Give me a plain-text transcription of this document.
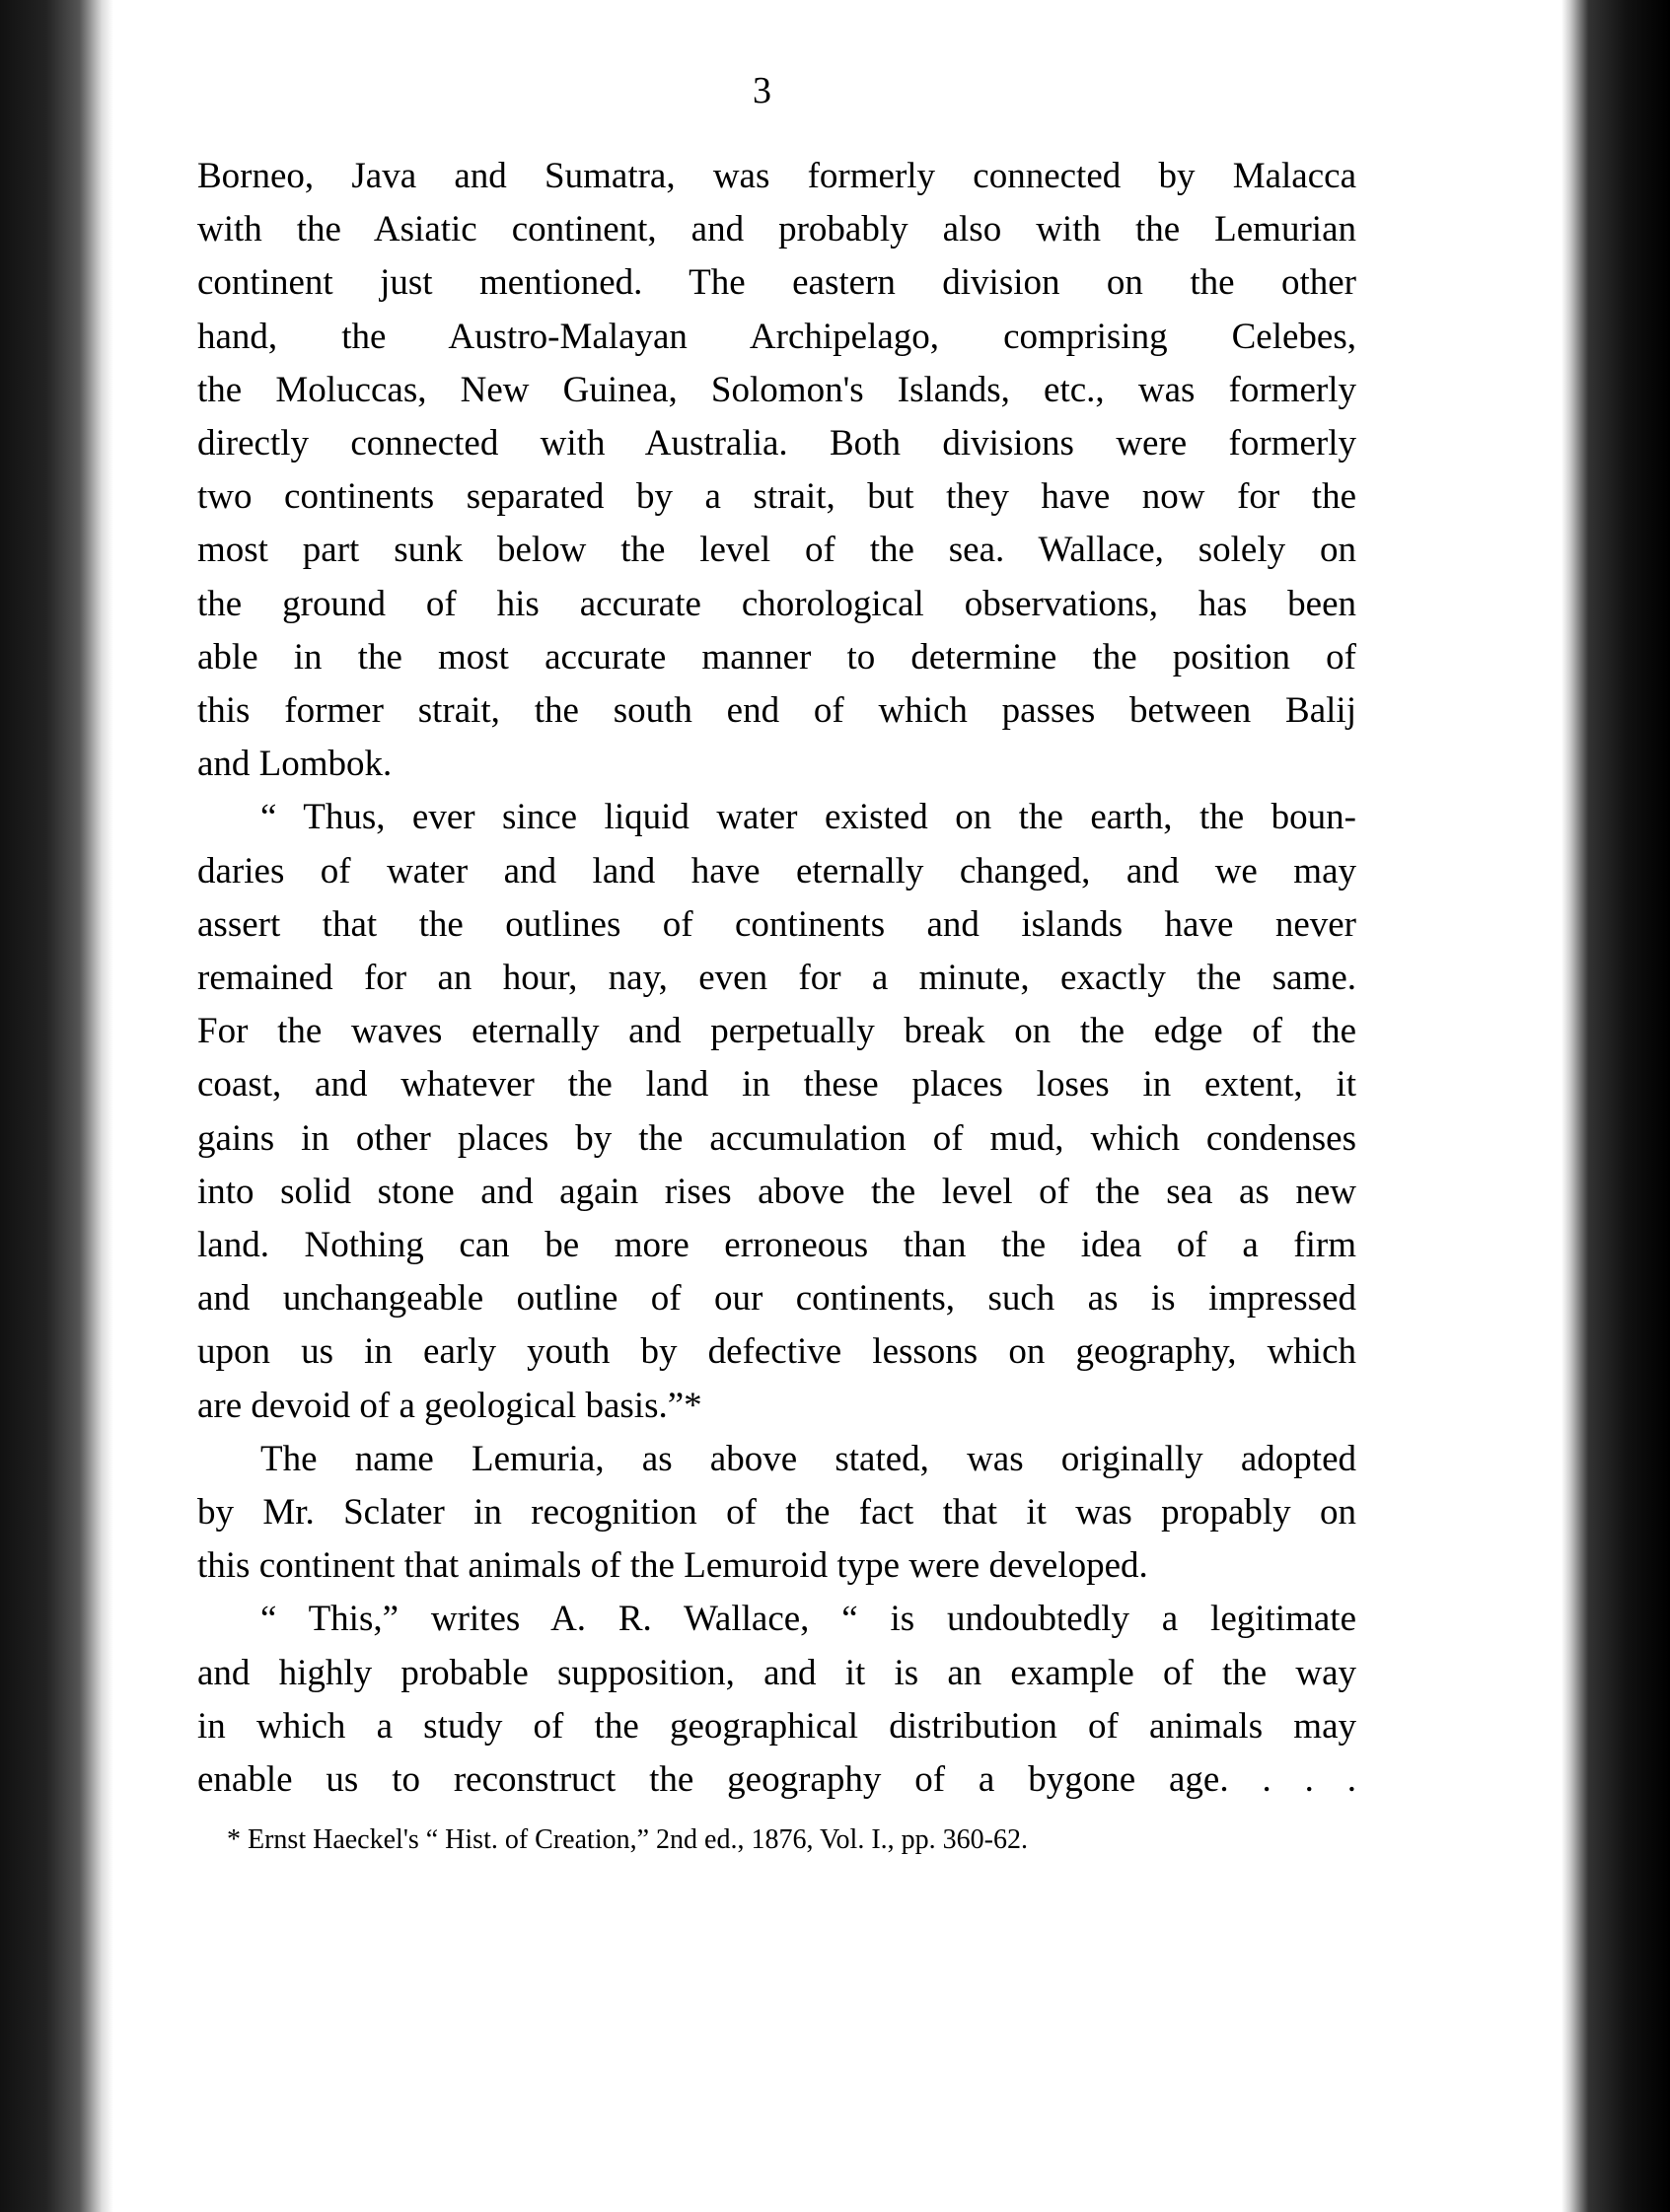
3
Borneo, Java and Sumatra, was formerly connected by Malacca
with the Asiatic continent, and probably also with the Lemurian
continent just mentioned. The eastern division on the other
hand, the Austro-Malayan Archipelago, comprising Celebes,
the Moluccas, New Guinea, Solomon's Islands, etc., was formerly
directly connected with Australia. Both divisions were formerly
two continents separated by a strait, but they have now for the
most part sunk below the level of the sea. Wallace, solely on
the ground of his accurate chorological observations, has been
able in the most accurate manner to determine the position of
this former strait, the south end of which passes between Balij
and Lombok.
“ Thus, ever since liquid water existed on the earth, the boun-
daries of water and land have eternally changed, and we may
assert that the outlines of continents and islands have never
remained for an hour, nay, even for a minute, exactly the same.
For the waves eternally and perpetually break on the edge of the
coast, and whatever the land in these places loses in extent, it
gains in other places by the accumulation of mud, which condenses
into solid stone and again rises above the level of the sea as new
land. Nothing can be more erroneous than the idea of a firm
and unchangeable outline of our continents, such as is impressed
upon us in early youth by defective lessons on geography, which
are devoid of a geological basis.”*
The name Lemuria, as above stated, was originally adopted
by Mr. Sclater in recognition of the fact that it was propably on
this continent that animals of the Lemuroid type were developed.
“ This,” writes A. R. Wallace, “ is undoubtedly a legitimate
and highly probable supposition, and it is an example of the way
in which a study of the geographical distribution of animals may
enable us to reconstruct the geography of a bygone age. . . .
* Ernst Haeckel's “ Hist. of Creation,” 2nd ed., 1876, Vol. I., pp. 360-62.
